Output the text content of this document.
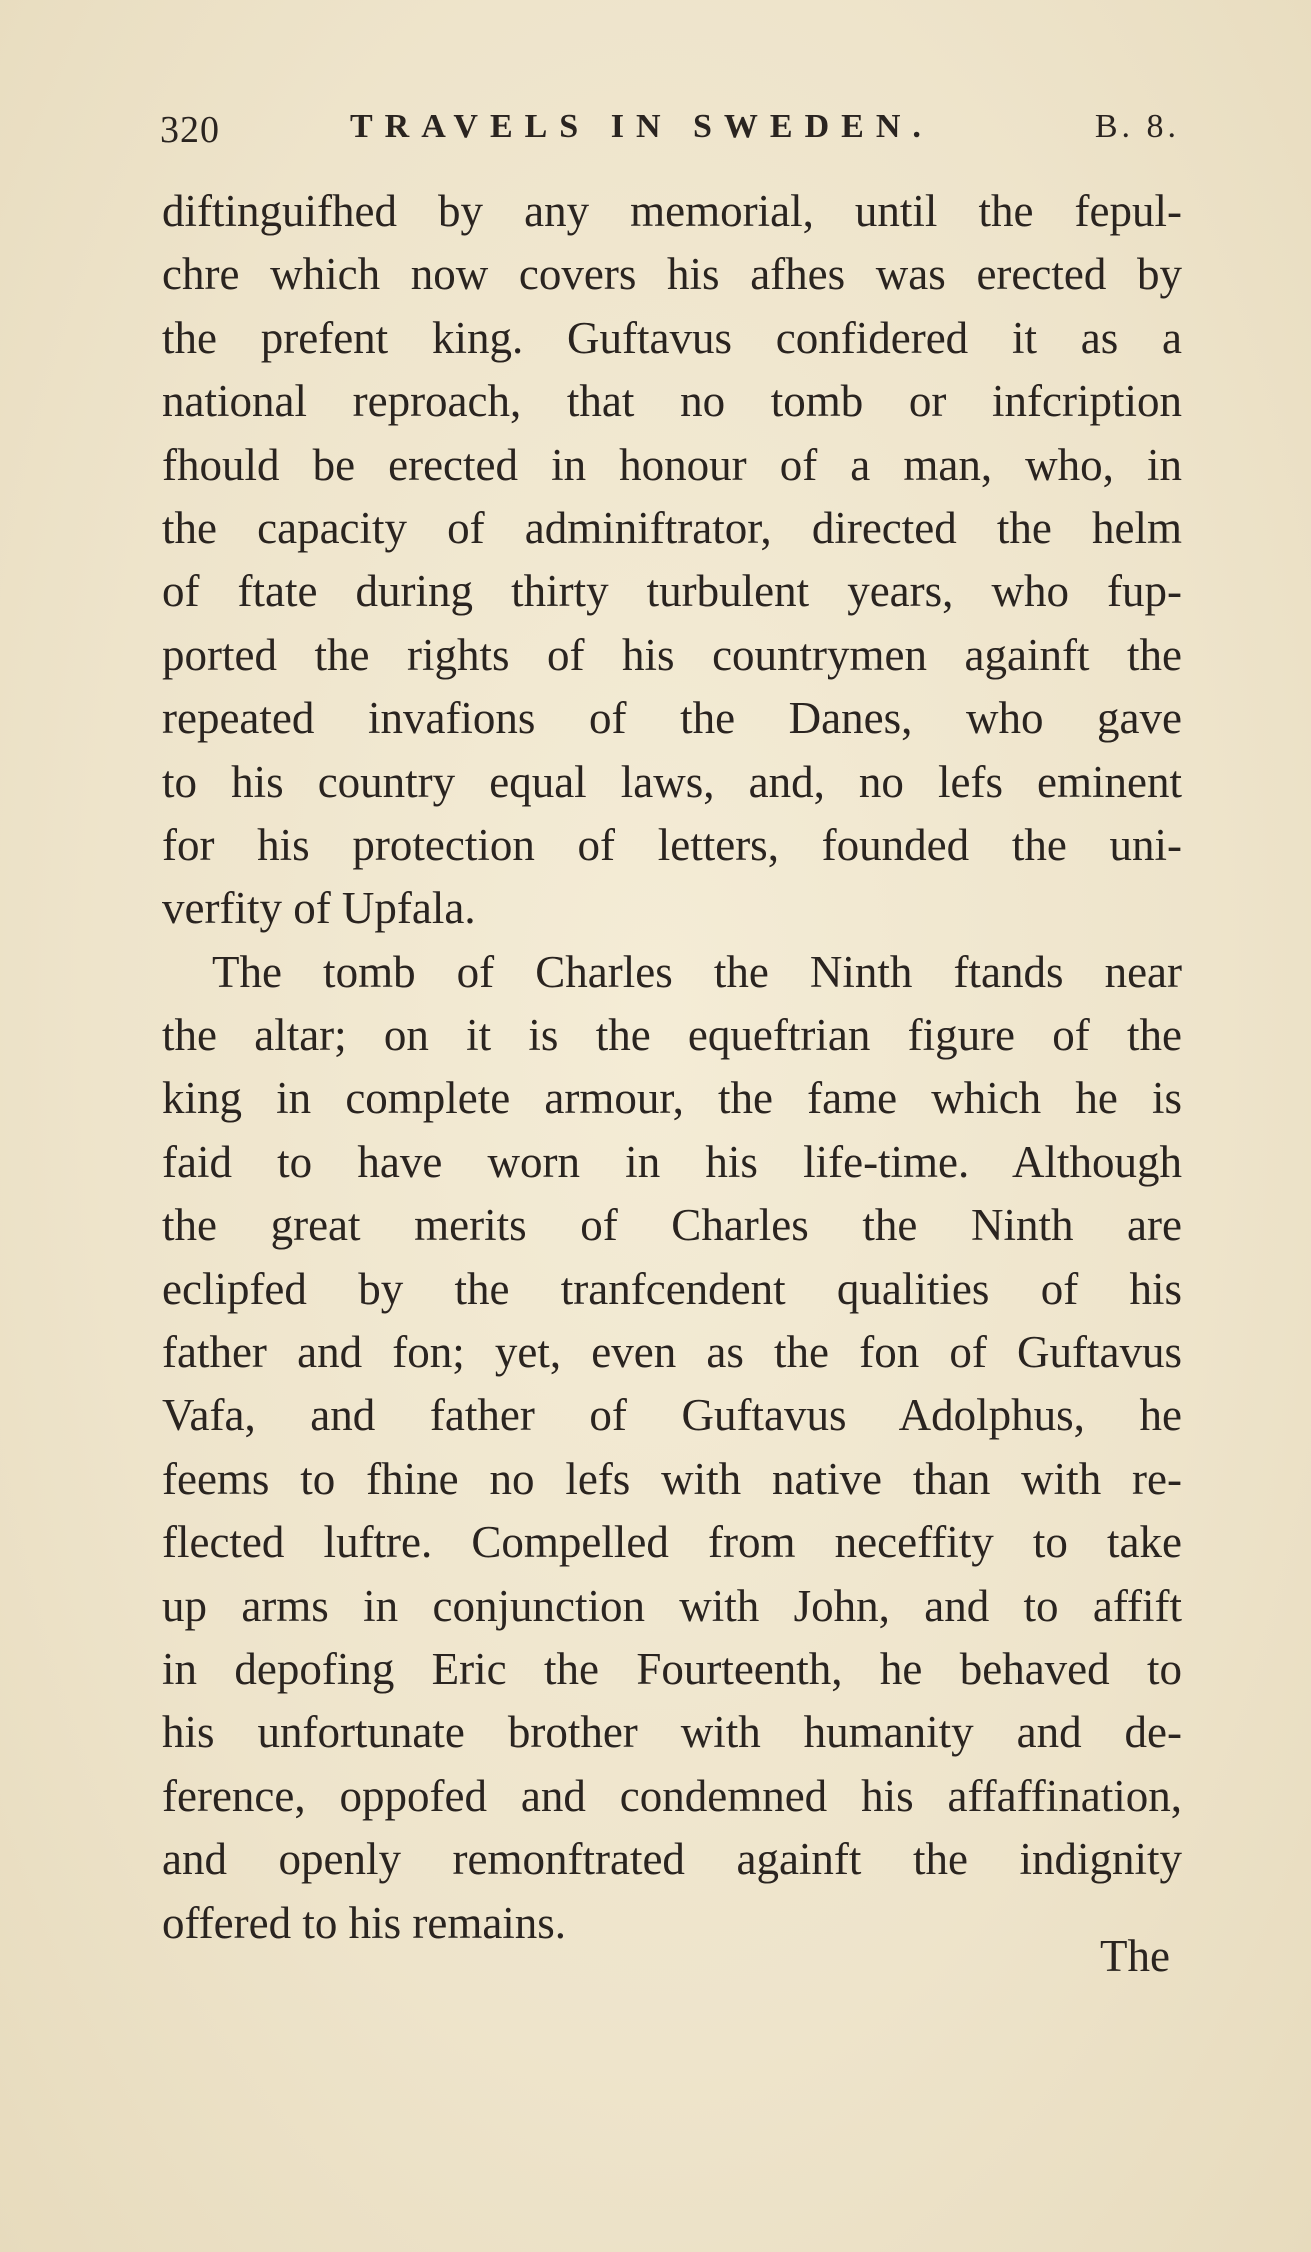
320	TRAVELS IN SWEDEN.	B. 8.
diftinguifhed by any memorial, until the fepul-
chre which now covers his afhes was erected by
the prefent king. Guftavus confidered it as a
national reproach, that no tomb or infcription
fhould be erected in honour of a man, who, in
the capacity of adminiftrator, directed the helm
of ftate during thirty turbulent years, who fup-
ported the rights of his countrymen againft the
repeated invafions of the Danes, who gave
to his country equal laws, and, no lefs eminent
for his protection of letters, founded the uni-
verfity of Upfala.
The tomb of Charles the Ninth ftands near
the altar; on it is the equeftrian figure of the
king in complete armour, the fame which he is
faid to have worn in his life-time. Although
the great merits of Charles the Ninth are
eclipfed by the tranfcendent qualities of his
father and fon; yet, even as the fon of Guftavus
Vafa, and father of Guftavus Adolphus, he
feems to fhine no lefs with native than with re-
flected luftre. Compelled from neceffity to take
up arms in conjunction with John, and to affift
in depofing Eric the Fourteenth, he behaved to
his unfortunate brother with humanity and de-
ference, oppofed and condemned his affaffination,
and openly remonftrated againft the indignity
offered to his remains.
The
